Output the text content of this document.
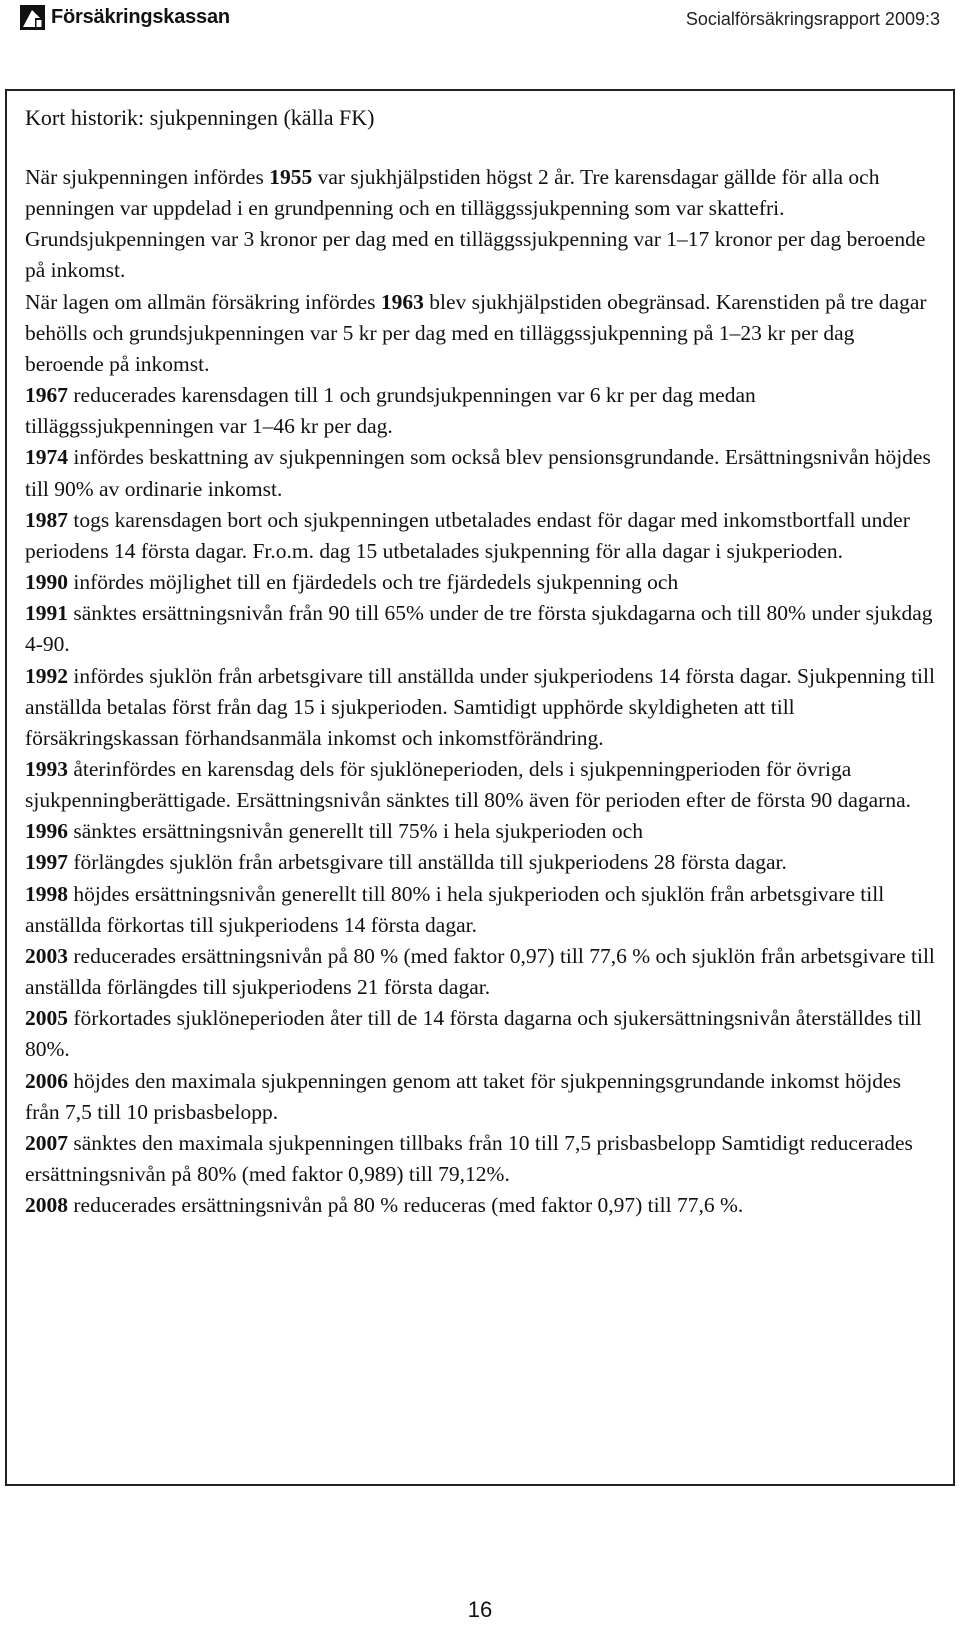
Försäkringskassan	Socialförsäkringsrapport 2009:3
Kort historik: sjukpenningen (källa FK)

När sjukpenningen infördes 1955 var sjukhjälpstiden högst 2 år. Tre karensdagar gällde för alla och penningen var uppdelad i en grundpenning och en tilläggssjukpenning som var skattefri. Grundsjukpenningen var 3 kronor per dag med en tilläggssjukpenning var 1–17 kronor per dag beroende på inkomst.

När lagen om allmän försäkring infördes 1963 blev sjukhjälpstiden obegränsad. Karenstiden på tre dagar behölls och grundsjukpenningen var 5 kr per dag med en tilläggssjukpenning på 1–23 kr per dag beroende på inkomst.

1967 reducerades karensdagen till 1 och grundsjukpenningen var 6 kr per dag medan tilläggssjukpenningen var 1–46 kr per dag.

1974 infördes beskattning av sjukpenningen som också blev pensionsgrundande. Ersättningsnivån höjdes till 90% av ordinarie inkomst.

1987 togs karensdagen bort och sjukpenningen utbetalades endast för dagar med inkomstbortfall under periodens 14 första dagar. Fr.o.m. dag 15 utbetalades sjukpenning för alla dagar i sjukperioden.

1990 infördes möjlighet till en fjärdedels och tre fjärdedels sjukpenning och

1991 sänktes ersättningsnivån från 90 till 65% under de tre första sjukdagarna och till 80% under sjukdag 4-90.

1992 infördes sjuklön från arbetsgivare till anställda under sjukperiodens 14 första dagar. Sjukpenning till anställda betalas först från dag 15 i sjukperioden. Samtidigt upphörde skyldigheten att till försäkringskassan förhandsanmäla inkomst och inkomstförändring.

1993 återinfördes en karensdag dels för sjuklöneperioden, dels i sjukpenningperioden för övriga sjukpenningberättigade. Ersättningsnivån sänktes till 80% även för perioden efter de första 90 dagarna.

1996 sänktes ersättningsnivån generellt till 75% i hela sjukperioden och

1997 förlängdes sjuklön från arbetsgivare till anställda till sjukperiodens 28 första dagar.

1998 höjdes ersättningsnivån generellt till 80% i hela sjukperioden och sjuklön från arbetsgivare till anställda förkortas till sjukperiodens 14 första dagar.

2003 reducerades ersättningsnivån på 80 % (med faktor 0,97) till 77,6 % och sjuklön från arbetsgivare till anställda förlängdes till sjukperiodens 21 första dagar.

2005 förkortades sjuklöneperioden åter till de 14 första dagarna och sjukersättningsnivån återställdes till 80%.

2006 höjdes den maximala sjukpenningen genom att taket för sjukpenningsgrundande inkomst höjdes från 7,5 till 10 prisbasbelopp.

2007 sänktes den maximala sjukpenningen tillbaks från 10 till 7,5 prisbasbelopp Samtidigt reducerades ersättningsnivån på 80% (med faktor 0,989) till 79,12%.

2008 reducerades ersättningsnivån på 80 % reduceras (med faktor 0,97) till 77,6 %.

16
